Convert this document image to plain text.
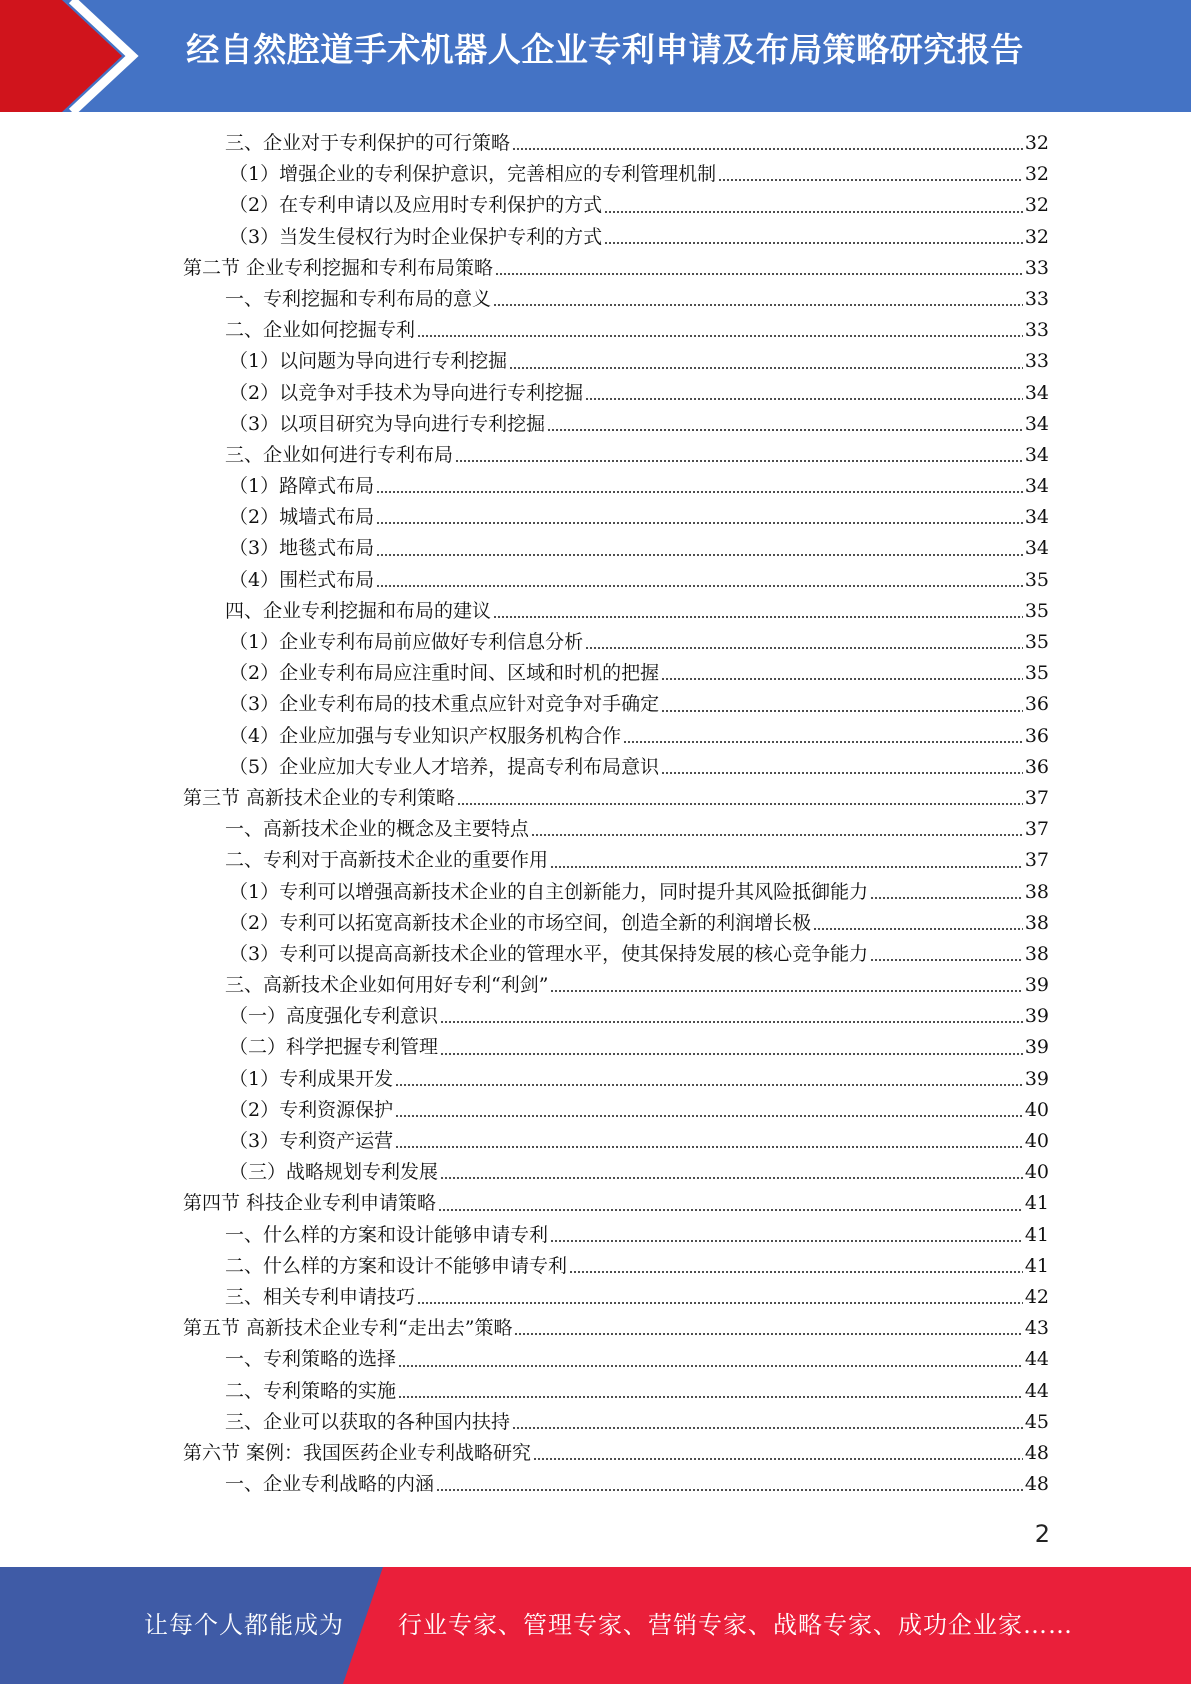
经自然腔道手术机器人企业专利申请及布局策略研究报告
三、企业对于专利保护的可行策略	32
（1）增强企业的专利保护意识，完善相应的专利管理机制	32
（2）在专利申请以及应用时专利保护的方式	32
（3）当发生侵权行为时企业保护专利的方式	32
第二节 企业专利挖掘和专利布局策略	33
一、专利挖掘和专利布局的意义	33
二、企业如何挖掘专利	33
（1）以问题为导向进行专利挖掘	33
（2）以竞争对手技术为导向进行专利挖掘	34
（3）以项目研究为导向进行专利挖掘	34
三、企业如何进行专利布局	34
（1）路障式布局	34
（2）城墙式布局	34
（3）地毯式布局	34
（4）围栏式布局	35
四、企业专利挖掘和布局的建议	35
（1）企业专利布局前应做好专利信息分析	35
（2）企业专利布局应注重时间、区域和时机的把握	35
（3）企业专利布局的技术重点应针对竞争对手确定	36
（4）企业应加强与专业知识产权服务机构合作	36
（5）企业应加大专业人才培养，提高专利布局意识	36
第三节 高新技术企业的专利策略	37
一、高新技术企业的概念及主要特点	37
二、专利对于高新技术企业的重要作用	37
（1）专利可以增强高新技术企业的自主创新能力，同时提升其风险抵御能力	38
（2）专利可以拓宽高新技术企业的市场空间，创造全新的利润增长极	38
（3）专利可以提高高新技术企业的管理水平，使其保持发展的核心竞争能力	38
三、高新技术企业如何用好专利“利剑”	39
（一）高度强化专利意识	39
（二）科学把握专利管理	39
（1）专利成果开发	39
（2）专利资源保护	40
（3）专利资产运营	40
（三）战略规划专利发展	40
第四节 科技企业专利申请策略	41
一、什么样的方案和设计能够申请专利	41
二、什么样的方案和设计不能够申请专利	41
三、相关专利申请技巧	42
第五节 高新技术企业专利“走出去”策略	43
一、专利策略的选择	44
二、专利策略的实施	44
三、企业可以获取的各种国内扶持	45
第六节 案例：我国医药企业专利战略研究	48
一、企业专利战略的内涵	48
2
让每个人都能成为 行业专家、管理专家、营销专家、战略专家、成功企业家……
